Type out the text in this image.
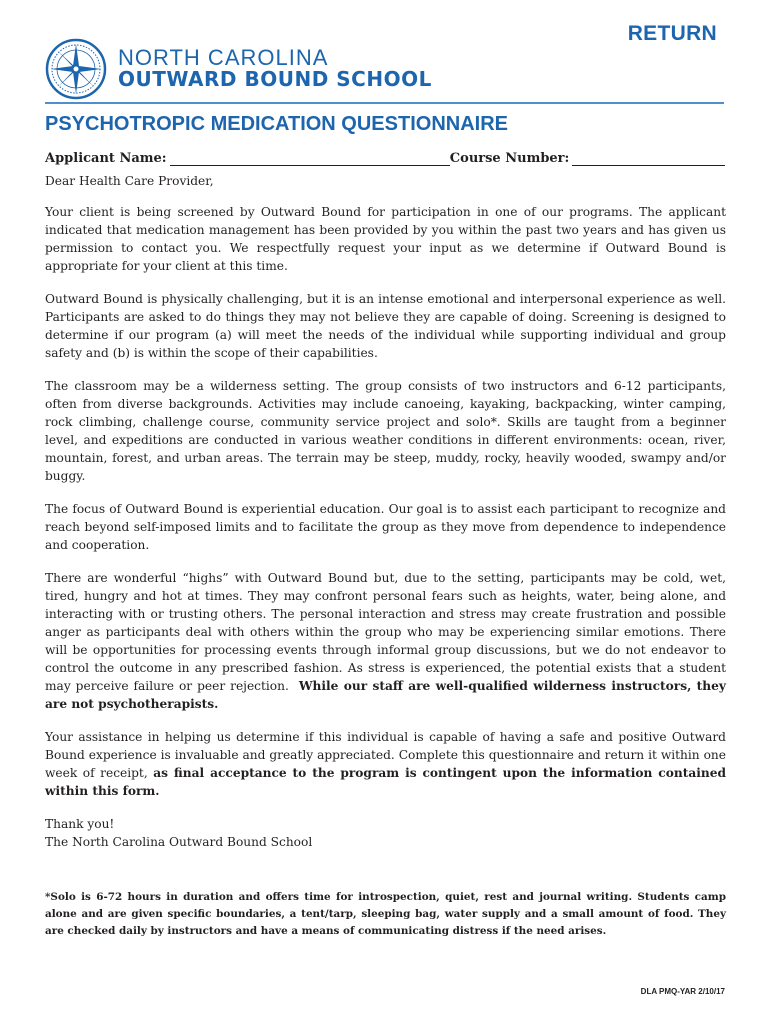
RETURN
NORTH CAROLINA
OUTWARD BOUND SCHOOL
PSYCHOTROPIC MEDICATION QUESTIONNAIRE
Applicant Name:	Course Number:

Dear Health Care Provider,

Your client is being screened by Outward Bound for participation in one of our programs. The applicant indicated that medication management has been provided by you within the past two years and has given us permission to contact you. We respectfully request your input as we determine if Outward Bound is appropriate for your client at this time.

Outward Bound is physically challenging, but it is an intense emotional and interpersonal experience as well. Participants are asked to do things they may not believe they are capable of doing. Screening is designed to determine if our program (a) will meet the needs of the individual while supporting individual and group safety and (b) is within the scope of their capabilities.

The classroom may be a wilderness setting. The group consists of two instructors and 6-12 participants, often from diverse backgrounds. Activities may include canoeing, kayaking, backpacking, winter camping, rock climbing, challenge course, community service project and solo*. Skills are taught from a beginner level, and expeditions are conducted in various weather conditions in different environments: ocean, river, mountain, forest, and urban areas. The terrain may be steep, muddy, rocky, heavily wooded, swampy and/or buggy.

The focus of Outward Bound is experiential education. Our goal is to assist each participant to recognize and reach beyond self-imposed limits and to facilitate the group as they move from dependence to independence and cooperation.

There are wonderful “highs” with Outward Bound but, due to the setting, participants may be cold, wet, tired, hungry and hot at times. They may confront personal fears such as heights, water, being alone, and interacting with or trusting others. The personal interaction and stress may create frustration and possible anger as participants deal with others within the group who may be experiencing similar emotions. There will be opportunities for processing events through informal group discussions, but we do not endeavor to control the outcome in any prescribed fashion. As stress is experienced, the potential exists that a student may perceive failure or peer rejection. While our staff are well-qualified wilderness instructors, they are not psychotherapists.

Your assistance in helping us determine if this individual is capable of having a safe and positive Outward Bound experience is invaluable and greatly appreciated. Complete this questionnaire and return it within one week of receipt, as final acceptance to the program is contingent upon the information contained within this form.

Thank you!
The North Carolina Outward Bound School

*Solo is 6-72 hours in duration and offers time for introspection, quiet, rest and journal writing. Students camp alone and are given specific boundaries, a tent/tarp, sleeping bag, water supply and a small amount of food. They are checked daily by instructors and have a means of communicating distress if the need arises.
DLA PMQ-YAR 2/10/17
